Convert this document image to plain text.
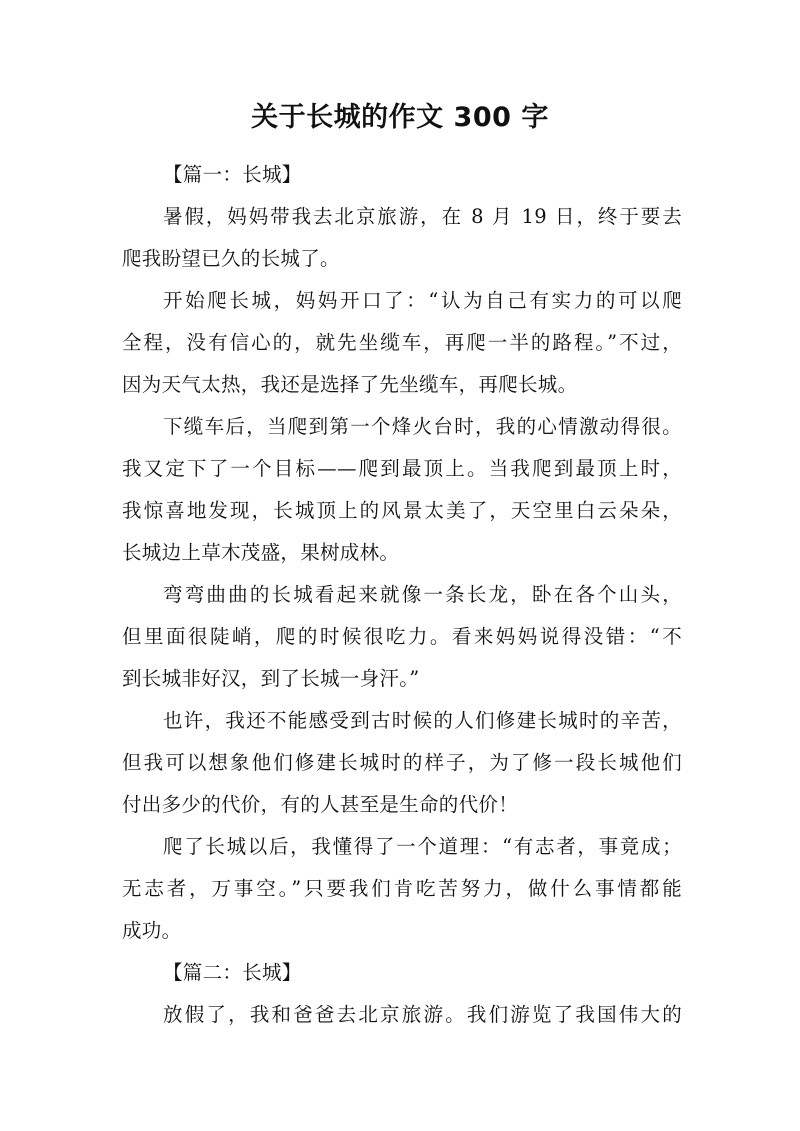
关于长城的作文 300 字
【篇一：长城】
暑假，妈妈带我去北京旅游，在 8 月 19 日，终于要去
爬我盼望已久的长城了。
开始爬长城，妈妈开口了：“认为自己有实力的可以爬
全程，没有信心的，就先坐缆车，再爬一半的路程。”不过，
因为天气太热，我还是选择了先坐缆车，再爬长城。
下缆车后，当爬到第一个烽火台时，我的心情激动得很。
我又定下了一个目标——爬到最顶上。当我爬到最顶上时，
我惊喜地发现，长城顶上的风景太美了，天空里白云朵朵，
长城边上草木茂盛，果树成林。
弯弯曲曲的长城看起来就像一条长龙，卧在各个山头，
但里面很陡峭，爬的时候很吃力。看来妈妈说得没错：“不
到长城非好汉，到了长城一身汗。”
也许，我还不能感受到古时候的人们修建长城时的辛苦，
但我可以想象他们修建长城时的样子，为了修一段长城他们
付出多少的代价，有的人甚至是生命的代价！
爬了长城以后，我懂得了一个道理：“有志者，事竟成；
无志者，万事空。”只要我们肯吃苦努力，做什么事情都能
成功。
【篇二：长城】
放假了，我和爸爸去北京旅游。我们游览了我国伟大的
